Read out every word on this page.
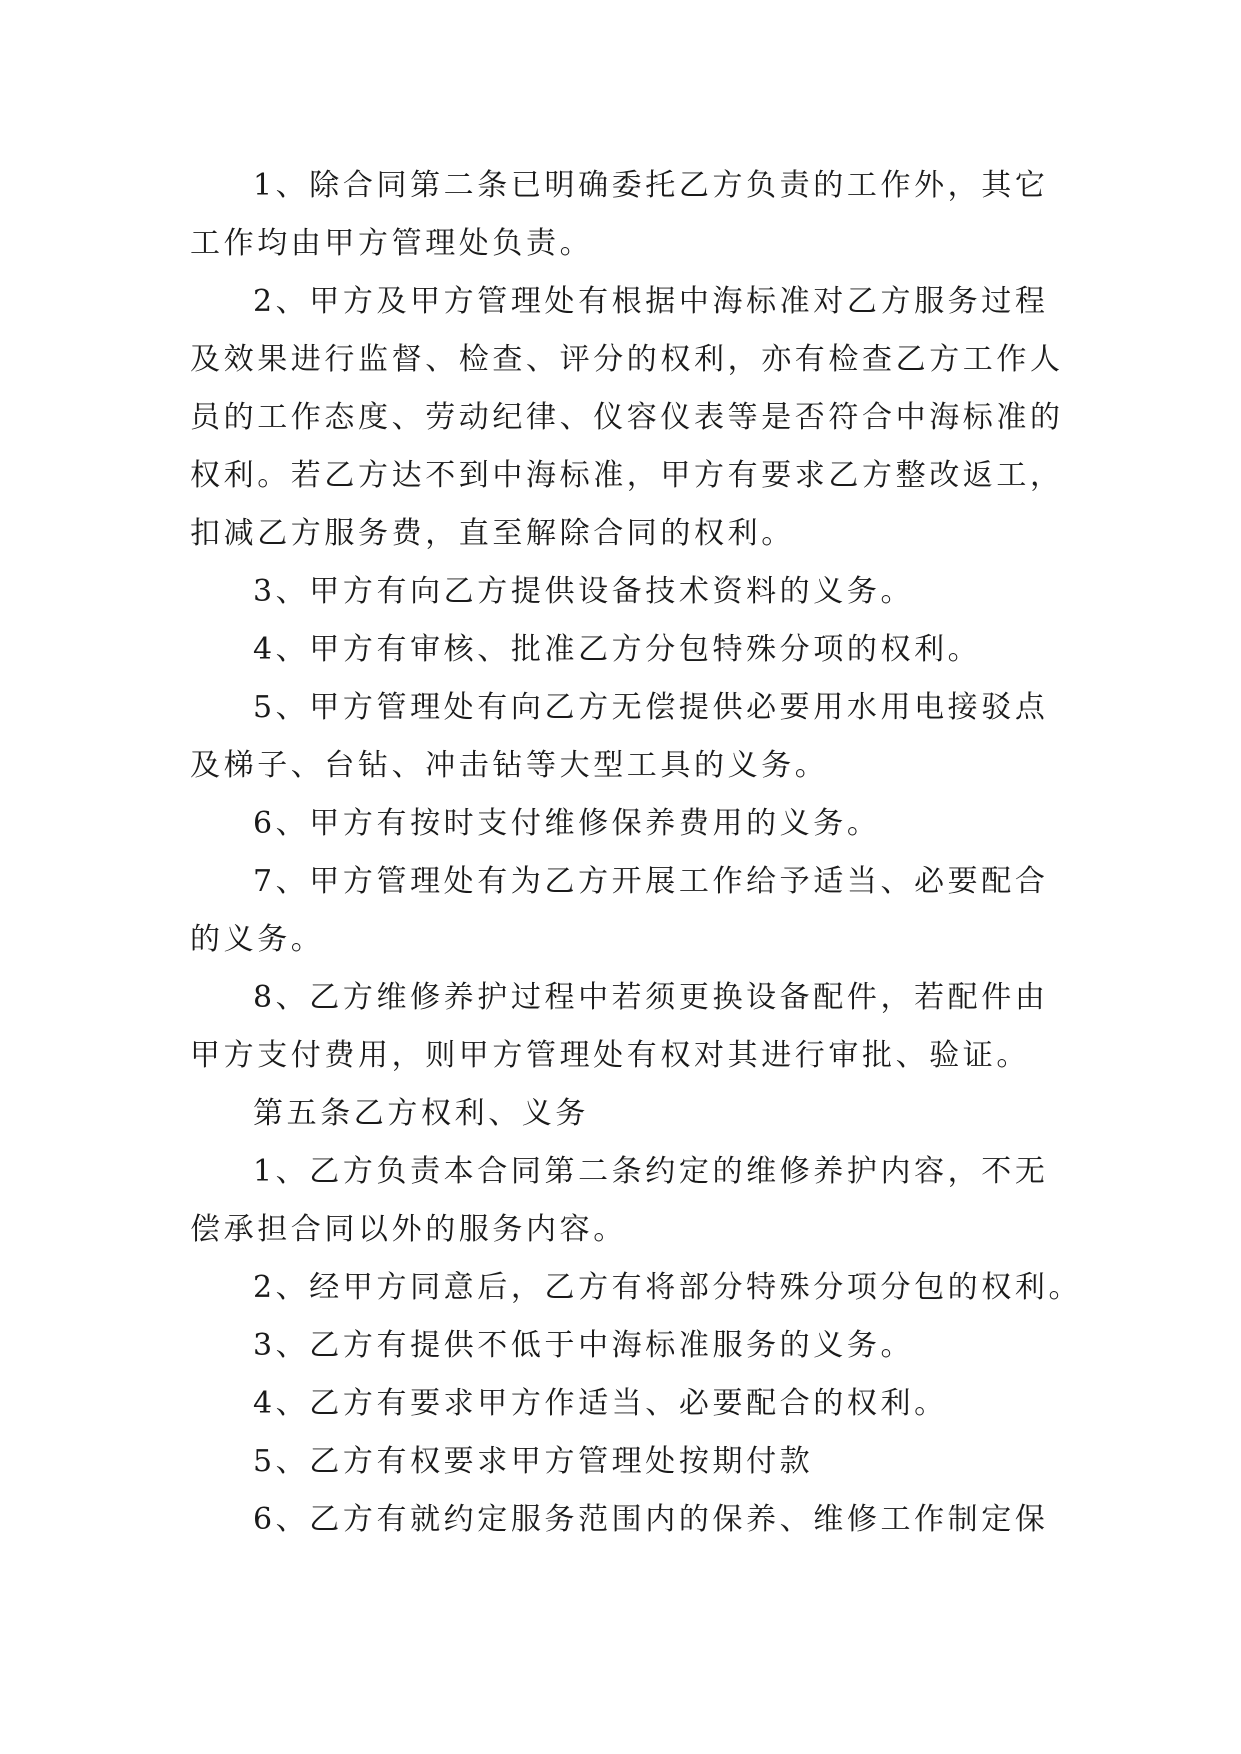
1、除合同第二条已明确委托乙方负责的工作外，其它
工作均由甲方管理处负责。
2、甲方及甲方管理处有根据中海标准对乙方服务过程
及效果进行监督、检查、评分的权利，亦有检查乙方工作人
员的工作态度、劳动纪律、仪容仪表等是否符合中海标准的
权利。若乙方达不到中海标准，甲方有要求乙方整改返工，
扣减乙方服务费，直至解除合同的权利。
3、甲方有向乙方提供设备技术资料的义务。
4、甲方有审核、批准乙方分包特殊分项的权利。
5、甲方管理处有向乙方无偿提供必要用水用电接驳点
及梯子、台钻、冲击钻等大型工具的义务。
6、甲方有按时支付维修保养费用的义务。
7、甲方管理处有为乙方开展工作给予适当、必要配合
的义务。
8、乙方维修养护过程中若须更换设备配件，若配件由
甲方支付费用，则甲方管理处有权对其进行审批、验证。
第五条乙方权利、义务
1、乙方负责本合同第二条约定的维修养护内容，不无
偿承担合同以外的服务内容。
2、经甲方同意后，乙方有将部分特殊分项分包的权利。
3、乙方有提供不低于中海标准服务的义务。
4、乙方有要求甲方作适当、必要配合的权利。
5、乙方有权要求甲方管理处按期付款
6、乙方有就约定服务范围内的保养、维修工作制定保
